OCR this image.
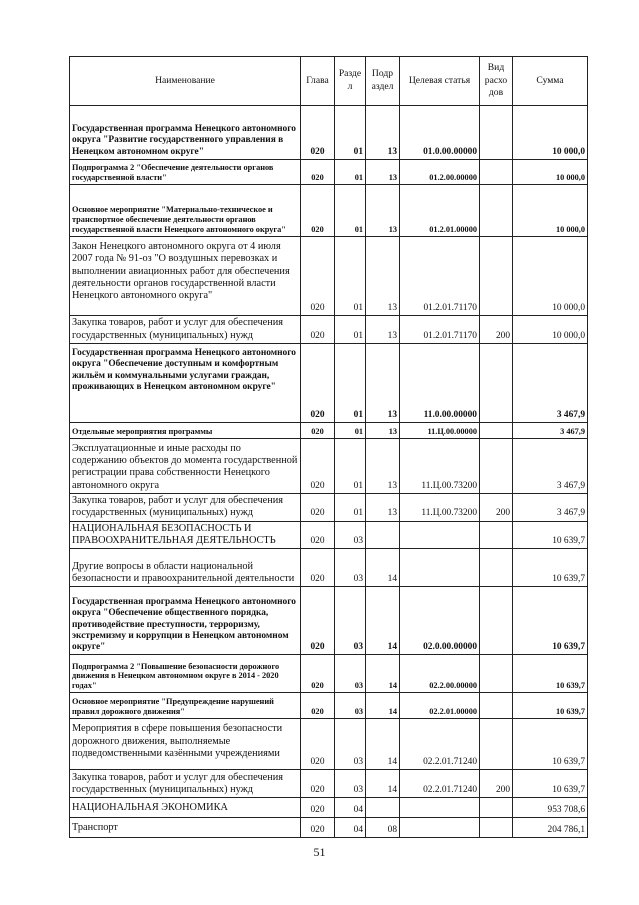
Наименование	Глава	Разде л	Подр аздел	Целевая статья	Вид расхо дов	Сумма
Государственная программа Ненецкого автономного округа "Развитие государственного управления в Ненецком автономном округе"	020	01	13	01.0.00.00000		10 000,0
Подпрограмма 2 "Обеспечение деятельности органов государственной власти"	020	01	13	01.2.00.00000		10 000,0
Основное мероприятие "Материально-техническое и транспортное обеспечение деятельности органов государственной власти Ненецкого автономного округа"	020	01	13	01.2.01.00000		10 000,0
Закон Ненецкого автономного округа от 4 июля 2007 года № 91-оз "О воздушных перевозках и выполнении авиационных работ для обеспечения деятельности органов государственной власти Ненецкого автономного округа"	020	01	13	01.2.01.71170		10 000,0
Закупка товаров, работ и услуг для обеспечения государственных (муниципальных) нужд	020	01	13	01.2.01.71170	200	10 000,0
Государственная программа Ненецкого автономного округа "Обеспечение доступным и комфортным жильём и коммунальными услугами граждан, проживающих в Ненецком автономном округе"	020	01	13	11.0.00.00000		3 467,9
Отдельные мероприятия программы	020	01	13	11.Ц.00.00000		3 467,9
Эксплуатационные и иные расходы по содержанию объектов до момента государственной регистрации права собственности Ненецкого автономного округа	020	01	13	11.Ц.00.73200		3 467,9
Закупка товаров, работ и услуг для обеспечения государственных (муниципальных) нужд	020	01	13	11.Ц.00.73200	200	3 467,9
НАЦИОНАЛЬНАЯ БЕЗОПАСНОСТЬ И ПРАВООХРАНИТЕЛЬНАЯ ДЕЯТЕЛЬНОСТЬ	020	03				10 639,7
Другие вопросы в области национальной безопасности и правоохранительной деятельности	020	03	14			10 639,7
Государственная программа Ненецкого автономного округа "Обеспечение общественного порядка, противодействие преступности, терроризму, экстремизму и коррупции в Ненецком автономном округе"	020	03	14	02.0.00.00000		10 639,7
Подпрограмма 2 "Повышение безопасности дорожного движения в Ненецком автономном округе в 2014 - 2020 годах"	020	03	14	02.2.00.00000		10 639,7
Основное мероприятие "Предупреждение нарушений правил дорожного движения"	020	03	14	02.2.01.00000		10 639,7
Мероприятия в сфере повышения безопасности дорожного движения, выполняемые подведомственными казёнными учреждениями	020	03	14	02.2.01.71240		10 639,7
Закупка товаров, работ и услуг для обеспечения государственных (муниципальных) нужд	020	03	14	02.2.01.71240	200	10 639,7
НАЦИОНАЛЬНАЯ ЭКОНОМИКА	020	04				953 708,6
Транспорт	020	04	08			204 786,1
51
